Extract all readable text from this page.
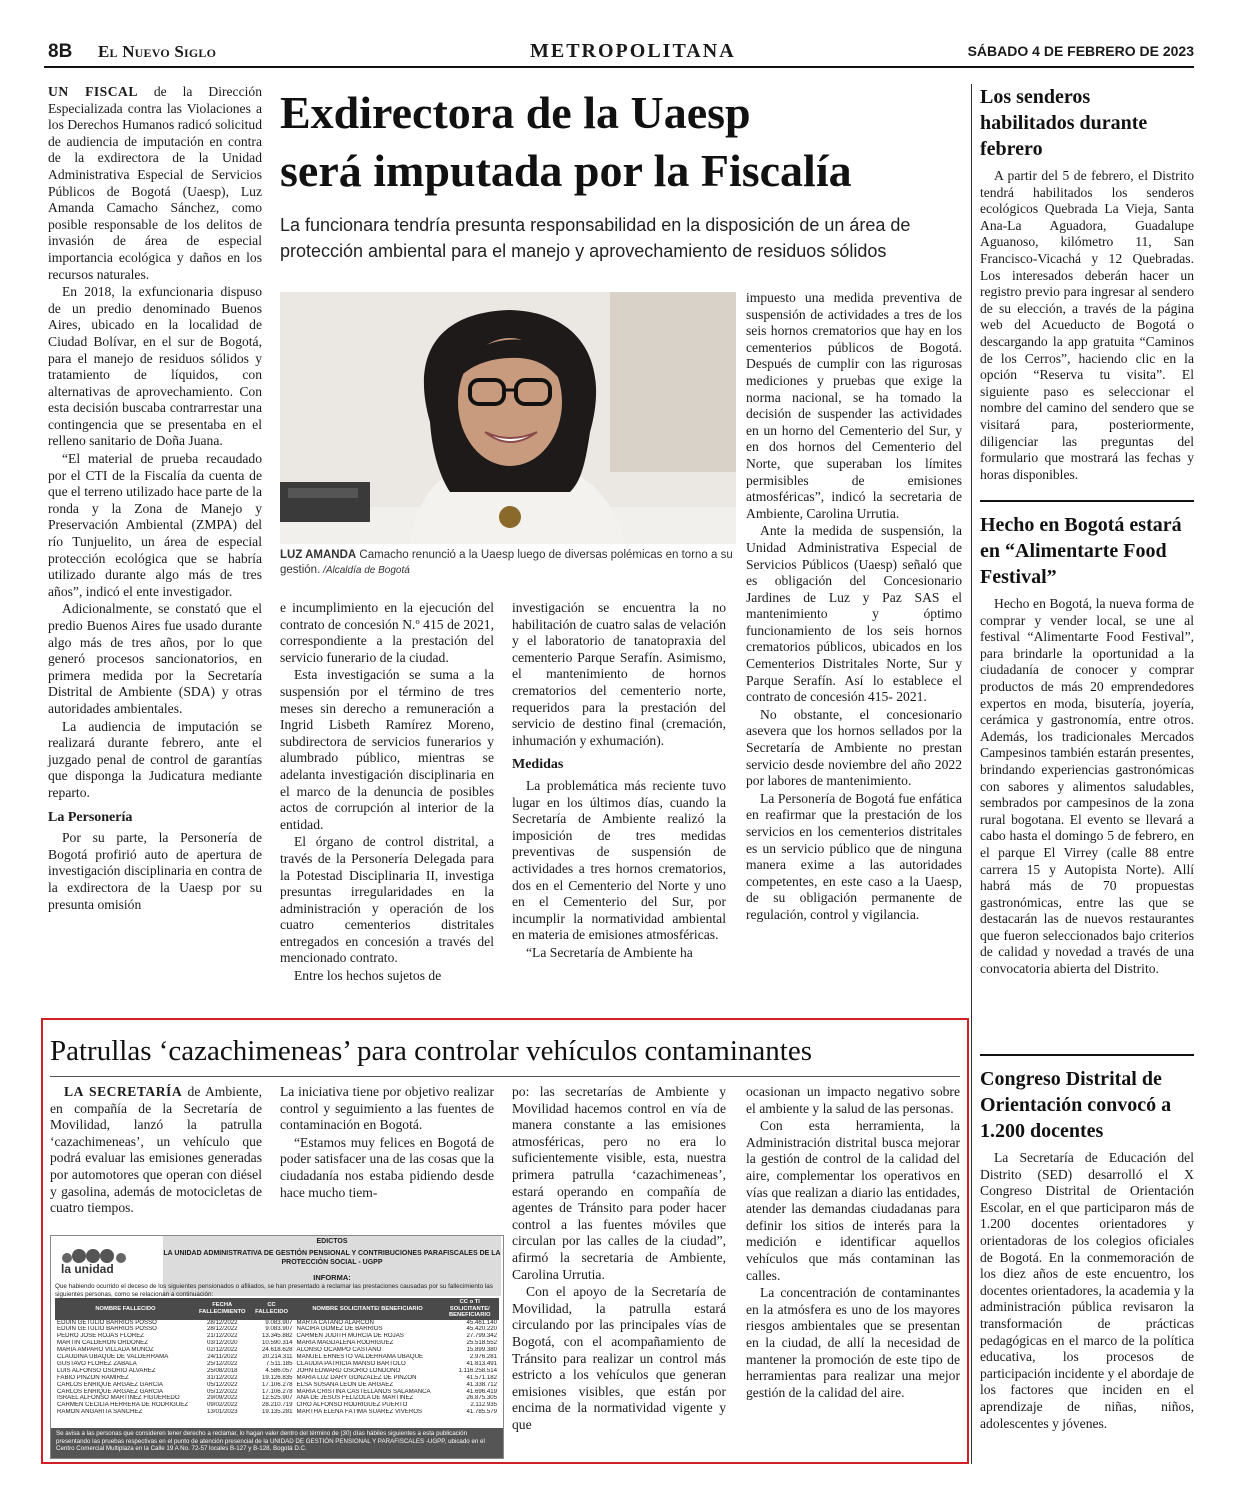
8B El Nuevo Siglo	METROPOLITANA	SÁBADO 4 DE FEBRERO DE 2023
Exdirectora de la Uaesp
será imputada por la Fiscalía
La funcionara tendría presunta responsabilidad en la disposición de un área de protección ambiental para el manejo y aprovechamiento de residuos sólidos
LUZ AMANDA Camacho renunció a la Uaesp luego de diversas polémicas en torno a su gestión. /Alcaldía de Bogotá

UN FISCAL de la Dirección Especializada contra las Violaciones a los Derechos Humanos radicó solicitud de audiencia de imputación en contra de la exdirectora de la Unidad Administrativa Especial de Servicios Públicos de Bogotá (Uaesp), Luz Amanda Camacho Sánchez, como posible responsable de los delitos de invasión de área de especial importancia ecológica y daños en los recursos naturales.

En 2018, la exfuncionaria dispuso de un predio denominado Buenos Aires, ubicado en la localidad de Ciudad Bolívar, en el sur de Bogotá, para el manejo de residuos sólidos y tratamiento de líquidos, con alternativas de aprovechamiento. Con esta decisión buscaba contrarrestar una contingencia que se presentaba en el relleno sanitario de Doña Juana.

“El material de prueba recaudado por el CTI de la Fiscalía da cuenta de que el terreno utilizado hace parte de la ronda y la Zona de Manejo y Preservación Ambiental (ZMPA) del río Tunjuelito, un área de especial protección ecológica que se habría utilizado durante algo más de tres años”, indicó el ente investigador.

Adicionalmente, se constató que el predio Buenos Aires fue usado durante algo más de tres años, por lo que generó procesos sancionatorios, en primera medida por la Secretaría Distrital de Ambiente (SDA) y otras autoridades ambientales.

La audiencia de imputación se realizará durante febrero, ante el juzgado penal de control de garantías que disponga la Judicatura mediante reparto.

La Personería

Por su parte, la Personería de Bogotá profirió auto de apertura de investigación disciplinaria en contra de la exdirectora de la Uaesp por su presunta omisión

e incumplimiento en la ejecución del contrato de concesión N.º 415 de 2021, correspondiente a la prestación del servicio funerario de la ciudad.

Esta investigación se suma a la suspensión por el término de tres meses sin derecho a remuneración a Ingrid Lisbeth Ramírez Moreno, subdirectora de servicios funerarios y alumbrado público, mientras se adelanta investigación disciplinaria en el marco de la denuncia de posibles actos de corrupción al interior de la entidad.

El órgano de control distrital, a través de la Personería Delegada para la Potestad Disciplinaria II, investiga presuntas irregularidades en la administración y operación de los cuatro cementerios distritales entregados en concesión a través del mencionado contrato.

Entre los hechos sujetos de

investigación se encuentra la no habilitación de cuatro salas de velación y el laboratorio de tanatopraxia del cementerio Parque Serafín. Asimismo, el mantenimiento de hornos crematorios del cementerio norte, requeridos para la prestación del servicio de destino final (cremación, inhumación y exhumación).

Medidas

La problemática más reciente tuvo lugar en los últimos días, cuando la Secretaría de Ambiente realizó la imposición de tres medidas preventivas de suspensión de actividades a tres hornos crematorios, dos en el Cementerio del Norte y uno en el Cementerio del Sur, por incumplir la normatividad ambiental en materia de emisiones atmosféricas.

“La Secretaría de Ambiente ha

impuesto una medida preventiva de suspensión de actividades a tres de los seis hornos crematorios que hay en los cementerios públicos de Bogotá. Después de cumplir con las rigurosas mediciones y pruebas que exige la norma nacional, se ha tomado la decisión de suspender las actividades en un horno del Cementerio del Sur, y en dos hornos del Cementerio del Norte, que superaban los límites permisibles de emisiones atmosféricas”, indicó la secretaria de Ambiente, Carolina Urrutia.

Ante la medida de suspensión, la Unidad Administrativa Especial de Servicios Públicos (Uaesp) señaló que es obligación del Concesionario Jardines de Luz y Paz SAS el mantenimiento y óptimo funcionamiento de los seis hornos crematorios públicos, ubicados en los Cementerios Distritales Norte, Sur y Parque Serafín. Así lo establece el contrato de concesión 415- 2021.

No obstante, el concesionario asevera que los hornos sellados por la Secretaría de Ambiente no prestan servicio desde noviembre del año 2022 por labores de mantenimiento.

La Personería de Bogotá fue enfática en reafirmar que la prestación de los servicios en los cementerios distritales es un servicio público que de ninguna manera exime a las autoridades competentes, en este caso a la Uaesp, de su obligación permanente de regulación, control y vigilancia.

Los senderos habilitados durante febrero

A partir del 5 de febrero, el Distrito tendrá habilitados los senderos ecológicos Quebrada La Vieja, Santa Ana-La Aguadora, Guadalupe Aguanoso, kilómetro 11, San Francisco-Vicachá y 12 Quebradas. Los interesados deberán hacer un registro previo para ingresar al sendero de su elección, a través de la página web del Acueducto de Bogotá o descargando la app gratuita “Caminos de los Cerros”, haciendo clic en la opción “Reserva tu visita”. El siguiente paso es seleccionar el nombre del camino del sendero que se visitará para, posteriormente, diligenciar las preguntas del formulario que mostrará las fechas y horas disponibles.

Hecho en Bogotá estará en “Alimentarte Food Festival”

Hecho en Bogotá, la nueva forma de comprar y vender local, se une al festival “Alimentarte Food Festival”, para brindarle la oportunidad a la ciudadanía de conocer y comprar productos de más 20 emprendedores expertos en moda, bisutería, joyería, cerámica y gastronomía, entre otros. Además, los tradicionales Mercados Campesinos también estarán presentes, brindando experiencias gastronómicas con sabores y alimentos saludables, sembrados por campesinos de la zona rural bogotana. El evento se llevará a cabo hasta el domingo 5 de febrero, en el parque El Virrey (calle 88 entre carrera 15 y Autopista Norte). Allí habrá más de 70 propuestas gastronómicas, entre las que se destacarán las de nuevos restaurantes que fueron seleccionados bajo criterios de calidad y novedad a través de una convocatoria abierta del Distrito.

Congreso Distrital de Orientación convocó a 1.200 docentes

La Secretaría de Educación del Distrito (SED) desarrolló el X Congreso Distrital de Orientación Escolar, en el que participaron más de 1.200 docentes orientadores y orientadoras de los colegios oficiales de Bogotá. En la conmemoración de los diez años de este encuentro, los docentes orientadores, la academia y la administración pública revisaron la transformación de prácticas pedagógicas en el marco de la política educativa, los procesos de participación incidente y el abordaje de los factores que inciden en el aprendizaje de niñas, niños, adolescentes y jóvenes.

Patrullas ‘cazachimeneas’ para controlar vehículos contaminantes

LA SECRETARÍA de Ambiente, en compañía de la Secretaría de Movilidad, lanzó la patrulla ‘cazachimeneas’, un vehículo que podrá evaluar las emisiones generadas por automotores que operan con diésel y gasolina, además de motocicletas de cuatro tiempos.

La iniciativa tiene por objetivo realizar control y seguimiento a las fuentes de contaminación en Bogotá.

“Estamos muy felices en Bogotá de poder satisfacer una de las cosas que la ciudadanía nos estaba pidiendo desde hace mucho tiem-

po: las secretarías de Ambiente y Movilidad hacemos control en vía de manera constante a las emisiones atmosféricas, pero no era lo suficientemente visible, esta, nuestra primera patrulla ‘cazachimeneas’, estará operando en compañía de agentes de Tránsito para poder hacer control a las fuentes móviles que circulan por las calles de la ciudad”, afirmó la secretaria de Ambiente, Carolina Urrutia.

Con el apoyo de la Secretaría de Movilidad, la patrulla estará circulando por las principales vías de Bogotá, con el acompañamiento de Tránsito para realizar un control más estricto a los vehículos que generan emisiones visibles, que están por encima de la normatividad vigente y que

ocasionan un impacto negativo sobre el ambiente y la salud de las personas.

Con esta herramienta, la Administración distrital busca mejorar la gestión de control de la calidad del aire, complementar los operativos en vías que realizan a diario las entidades, atender las demandas ciudadanas para definir los sitios de interés para la medición e identificar aquellos vehículos que más contaminan las calles.

La concentración de contaminantes en la atmósfera es uno de los mayores riesgos ambientales que se presentan en la ciudad, de allí la necesidad de mantener la promoción de este tipo de herramientas para realizar una mejor gestión de la calidad del aire.

la unidad
EDICTOS
LA UNIDAD ADMINISTRATIVA DE GESTIÓN PENSIONAL Y CONTRIBUCIONES PARAFISCALES DE LA PROTECCIÓN SOCIAL - UGPP
INFORMA:
Que habiendo ocurrido el deceso de los siguientes pensionados o afiliados, se han presentado a reclamar las prestaciones causadas por su fallecimiento las siguientes personas, como se relacionan a continuación:
NOMBRE FALLECIDO	FECHA FALLECIMIENTO	CC FALLECIDO	NOMBRE SOLICITANTE/ BENEFICIARIO	CC o TI SOLICITANTE/ BENEFICIARIO
EDUIN GETULIO BARRIOS POSSO	28/12/2022	9.083.907	MARTA CATAÑO ALARCÓN	45.461.140
EDUIN GETULIO BARRIOS POSSO	28/12/2022	9.083.907	NACIRA GÓMEZ DE BARRIOS	45.420.220
PEDRO JOSÉ ROJAS FLÓREZ	21/12/2022	13.345.882	CARMEN JUDITH MURCIA DE ROJAS	27.799.342
MARTÍN CALDERÓN ORDÓÑEZ	03/12/2020	10.590.314	MARÍA MAGDALENA RODRÍGUEZ	25.518.552
MARÍA AMPARO VILLADA MUÑOZ	02/12/2022	24.618.628	ALONSO OCAMPO CASTAÑO	15.899.380
CLAUDINA UBAQUE DE VALDERRAMA	24/11/2022	20.214.311	MANUEL ERNESTO VALDERRAMA UBAQUE	2.976.281
GUSTAVO FLÓREZ ZABALA	25/12/2022	7.511.185	CLAUDIA PATRICIA MANSO BARTOLO	41.813.491
LUIS ALFONSO OSORIO ÁLVAREZ	25/08/2018	4.586.057	JOHN EDWARD OSORIO LONDOÑO	1.116.258.514
FABIO PINZÓN RAMÍREZ	31/12/2022	19.126.835	MARÍA LUZ DARY GONZÁLEZ DE PINZÓN	41.571.182
CARLOS ENRIQUE ARGÁEZ GARCÍA	05/12/2022	17.106.278	ELSA SUSANA LEÓN DE ARGÁEZ	41.338.712
CARLOS ENRIQUE ARGÁEZ GARCÍA	05/12/2022	17.106.278	MARÍA CRISTINA CASTELLANOS SALAMANCA	41.696.419
ISRAEL ALFONSO MARTÍNEZ FIGUEREDO	29/09/2022	12.525.907	ANA DE JESÚS FELIZOLA DE MARTÍNEZ	26.875.305
CARMEN CECILIA HERRERA DE RODRÍGUEZ	09/02/2022	28.210.719	CIRO ALFONSO RODRÍGUEZ PUERTO	2.112.935
RAMÓN ANGARITA SÁNCHEZ	13/01/2023	19.135.281	MARTHA ELENA FÁTIMA SUÁREZ VIVEROS	41.785.579
Se avisa a las personas que consideren tener derecho a reclamar, lo hagan valer dentro del término de (30) días hábiles siguientes a esta publicación presentando las pruebas respectivas en el punto de atención presencial de la UNIDAD DE GESTIÓN PENSIONAL Y PARAFISCALES -UGPP, ubicado en el Centro Comercial Multiplaza en la Calle 19 A No. 72-57 locales B-127 y B-128, Bogotá D.C.
